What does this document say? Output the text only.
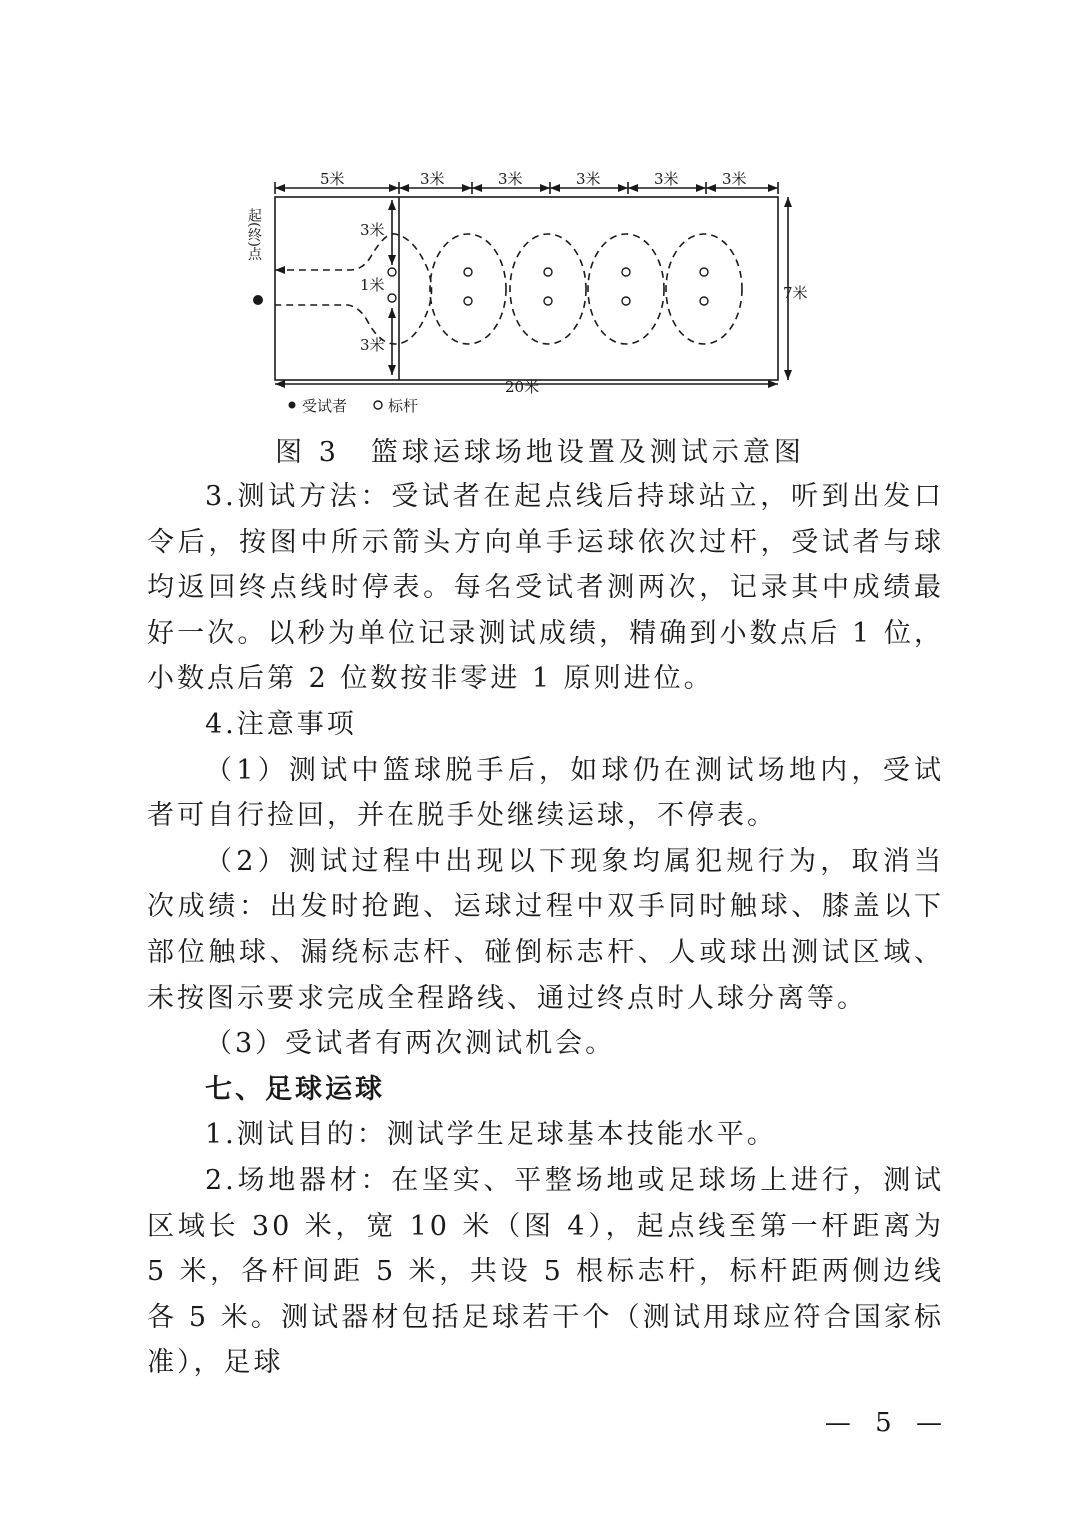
5米	3米	3米	3米	3米	3米
20米
7米
3米
1米
3米
受试者	标杆
起(终)点
图 3　篮球运球场地设置及测试示意图

3.测试方法：受试者在起点线后持球站立，听到出发口令后，按图中所示箭头方向单手运球依次过杆，受试者与球均返回终点线时停表。每名受试者测两次，记录其中成绩最好一次。以秒为单位记录测试成绩，精确到小数点后 1 位，小数点后第 2 位数按非零进 1 原则进位。

4.注意事项

（1）测试中篮球脱手后，如球仍在测试场地内，受试者可自行捡回，并在脱手处继续运球，不停表。

（2）测试过程中出现以下现象均属犯规行为，取消当次成绩：出发时抢跑、运球过程中双手同时触球、膝盖以下部位触球、漏绕标志杆、碰倒标志杆、人或球出测试区域、未按图示要求完成全程路线、通过终点时人球分离等。

（3）受试者有两次测试机会。

七、足球运球

1.测试目的：测试学生足球基本技能水平。

2.场地器材：在坚实、平整场地或足球场上进行，测试区域长 30 米，宽 10 米（图 4），起点线至第一杆距离为 5 米，各杆间距 5 米，共设 5 根标志杆，标杆距两侧边线各 5 米。测试器材包括足球若干个（测试用球应符合国家标准），足球

— 5 —
